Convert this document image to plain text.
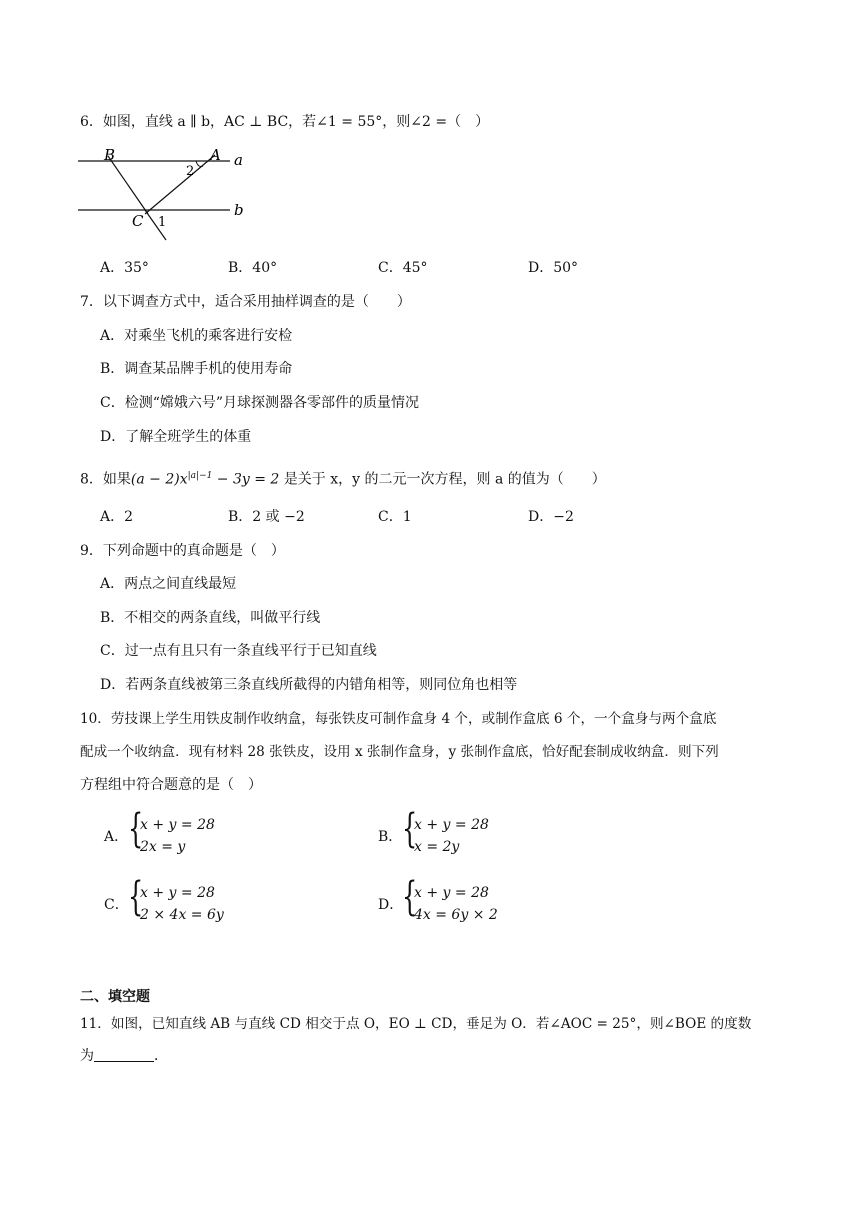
6．如图，直线 a ∥ b，AC ⊥ BC，若∠1 = 55°，则∠2 =（　）
B	A a
2
b
C 1
A．35°	B．40°	C．45°	D．50°
7．以下调查方式中，适合采用抽样调查的是（　　）
A．对乘坐飞机的乘客进行安检
B．调查某品牌手机的使用寿命
C．检测“嫦娥六号”月球探测器各零部件的质量情况
D．了解全班学生的体重
8．如果$(a - 2)x^{|a|-1} - 3y = 2$ 是关于 x，y 的二元一次方程，则 a 的值为（　　）
A．2	B．2 或 −2	C．1	D．−2
9．下列命题中的真命题是（　）
A．两点之间直线最短
B．不相交的两条直线，叫做平行线
C．过一点有且只有一条直线平行于已知直线
D．若两条直线被第三条直线所截得的内错角相等，则同位角也相等
10．劳技课上学生用铁皮制作收纳盒，每张铁皮可制作盒身 4 个，或制作盒底 6 个，一个盒身与两个盒底
配成一个收纳盒．现有材料 28 张铁皮，设用 x 张制作盒身，y 张制作盒底，恰好配套制成收纳盒．则下列
方程组中符合题意的是（　）
A． {
x + y = 28
2x = y
B． {
x + y = 28
x = 2y
C． {
x + y = 28
2 × 4x = 6y
D．
{
x + y = 28
4x = 6y × 2
二、填空题
11．如图，已知直线 AB 与直线 CD 相交于点 O，EO ⊥ CD，垂足为 O．若∠AOC = 25°，则∠BOE 的度数
为	．
